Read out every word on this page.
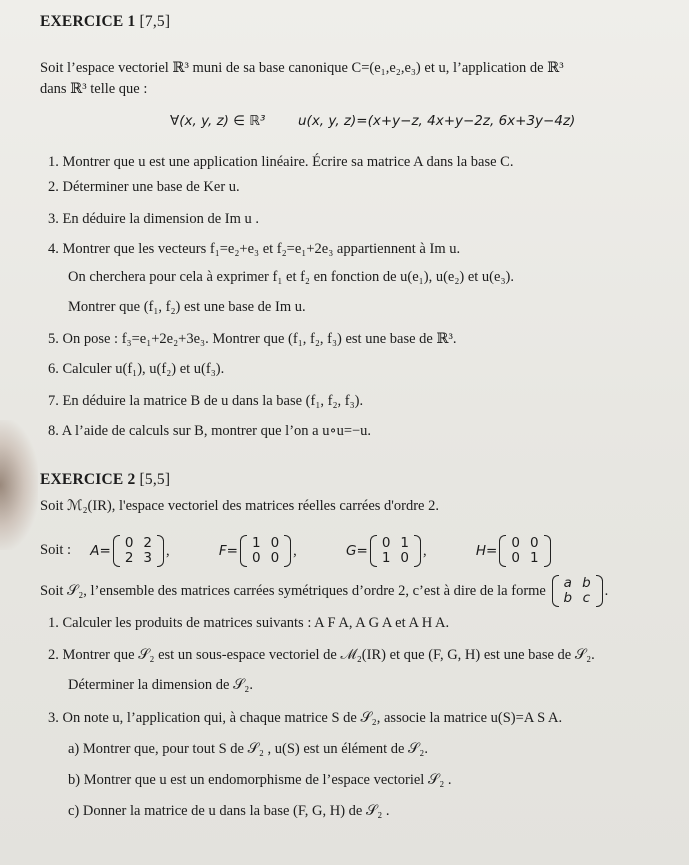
EXERCICE 1 [7,5]
Soit l’espace vectoriel ℝ³ muni de sa base canonique C=(e₁,e₂,e₃) et u, l’application de ℝ³
dans ℝ³ telle que :
∀(x, y, z) ∈ ℝ³ u(x, y, z)=(x+y−z, 4x+y−2z, 6x+3y−4z)
1. Montrer que u est une application linéaire. Écrire sa matrice A dans la base C.
2. Déterminer une base de Ker u.
3. En déduire la dimension de Im u .
4. Montrer que les vecteurs f₁=e₂+e₃ et f₂=e₁+2e₃ appartiennent à Im u.
On cherchera pour cela à exprimer f₁ et f₂ en fonction de u(e₁), u(e₂) et u(e₃).
Montrer que (f₁, f₂) est une base de Im u.
5. On pose : f₃=e₁+2e₂+3e₃. Montrer que (f₁, f₂, f₃) est une base de ℝ³.
6. Calculer u(f₁), u(f₂) et u(f₃).
7. En déduire la matrice B de u dans la base (f₁, f₂, f₃).
8. A l’aide de calculs sur B, montrer que l’on a u∘u=−u.
EXERCICE 2 [5,5]
Soit ℳ₂(IR), l'espace vectoriel des matrices réelles carrées d'ordre 2.
Soit : A= 0	2
2	3 ,	F= 1	0
0	0 ,	G= 0	1
1	0 ,	H= 0	0
0	1
Soit 𝒮₂, l’ensemble des matrices carrées symétriques d’ordre 2, c’est à dire de la forme a	b
b	c .
1. Calculer les produits de matrices suivants : A F A, A G A et A H A.
2. Montrer que 𝒮₂ est un sous-espace vectoriel de ℳ₂(IR) et que (F, G, H) est une base de 𝒮₂.
Déterminer la dimension de 𝒮₂.
3. On note u, l’application qui, à chaque matrice S de 𝒮₂, associe la matrice u(S)=A S A.
a) Montrer que, pour tout S de 𝒮₂ , u(S) est un élément de 𝒮₂.
b) Montrer que u est un endomorphisme de l’espace vectoriel 𝒮₂ .
c) Donner la matrice de u dans la base (F, G, H) de 𝒮₂ .
